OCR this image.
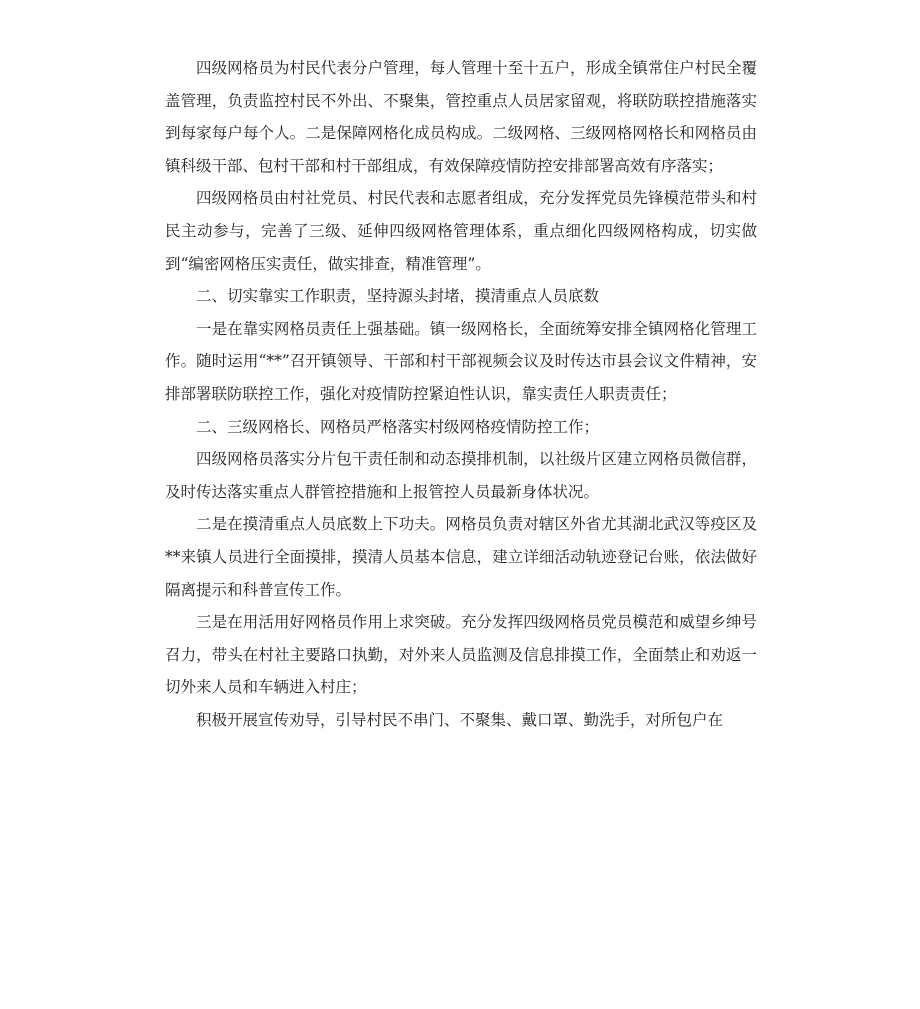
四级网格员为村民代表分户管理，每人管理十至十五户，形成全镇常住户村民全覆盖管理，负责监控村民不外出、不聚集，管控重点人员居家留观，将联防联控措施落实到每家每户每个人。二是保障网格化成员构成。二级网格、三级网格网格长和网格员由镇科级干部、包村干部和村干部组成，有效保障疫情防控安排部署高效有序落实；

四级网格员由村社党员、村民代表和志愿者组成，充分发挥党员先锋模范带头和村民主动参与，完善了三级、延伸四级网格管理体系，重点细化四级网格构成，切实做到“编密网格压实责任，做实排查，精准管理”。

二、切实靠实工作职责，坚持源头封堵，摸清重点人员底数

一是在靠实网格员责任上强基础。镇一级网格长，全面统筹安排全镇网格化管理工作。随时运用“**”召开镇领导、干部和村干部视频会议及时传达市县会议文件精神，安排部署联防联控工作，强化对疫情防控紧迫性认识，靠实责任人职责责任；

二、三级网格长、网格员严格落实村级网格疫情防控工作；

四级网格员落实分片包干责任制和动态摸排机制，以社级片区建立网格员微信群，及时传达落实重点人群管控措施和上报管控人员最新身体状况。

二是在摸清重点人员底数上下功夫。网格员负责对辖区外省尤其湖北武汉等疫区及**来镇人员进行全面摸排，摸清人员基本信息，建立详细活动轨迹登记台账，依法做好隔离提示和科普宣传工作。

三是在用活用好网格员作用上求突破。充分发挥四级网格员党员模范和威望乡绅号召力，带头在村社主要路口执勤，对外来人员监测及信息排摸工作，全面禁止和劝返一切外来人员和车辆进入村庄；

积极开展宣传劝导，引导村民不串门、不聚集、戴口罩、勤洗手，对所包户在
